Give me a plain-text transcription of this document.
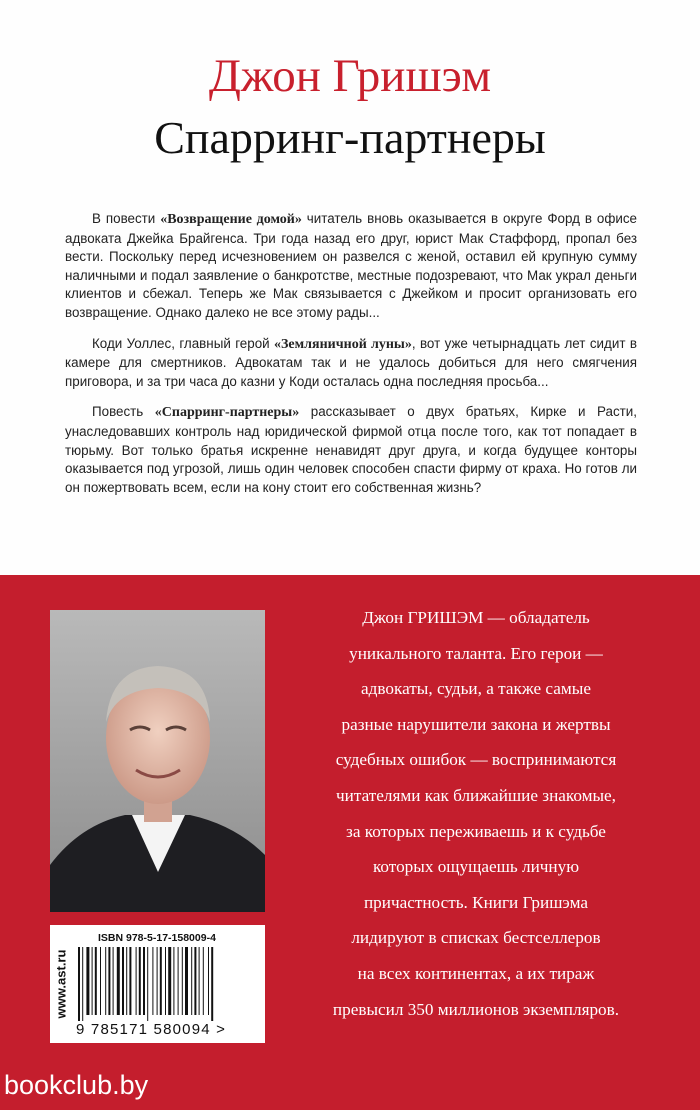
Джон Гришэм
Спарринг-партнеры

В повести «Возвращение домой» читатель вновь оказывается в округе Форд в офисе адвоката Джейка Брайгенса. Три года назад его друг, юрист Мак Стаффорд, пропал без вести. Поскольку перед исчезновением он развелся с женой, оставил ей крупную сумму наличными и подал заявление о банкротстве, местные подозревают, что Мак украл деньги клиентов и сбежал. Теперь же Мак связывается с Джейком и просит организовать его возвращение. Однако далеко не все этому рады...

Коди Уоллес, главный герой «Земляничной луны», вот уже четырнадцать лет сидит в камере для смертников. Адвокатам так и не удалось добиться для него смягчения приговора, и за три часа до казни у Коди осталась одна последняя просьба...

Повесть «Спарринг-партнеры» рассказывает о двух братьях, Кирке и Расти, унаследовавших контроль над юридической фирмой отца после того, как тот попадает в тюрьму. Вот только братья искренне ненавидят друг друга, и когда будущее конторы оказывается под угрозой, лишь один человек способен спасти фирму от краха. Но готов ли он пожертвовать всем, если на кону стоит его собственная жизнь?

Джон ГРИШЭМ — обладатель
уникального таланта. Его герои —
адвокаты, судьи, а также самые
разные нарушители закона и жертвы
судебных ошибок — воспринимаются
читателями как ближайшие знакомые,
за которых переживаешь и к судьбе
которых ощущаешь личную
причастность. Книги Гришэма
лидируют в списках бестселлеров
на всех континентах, а их тираж
превысил 350 миллионов экземпляров.
www.ast.ru
ISBN 978-5-17-158009-4
9 785171 580094 >
bookclub.by
